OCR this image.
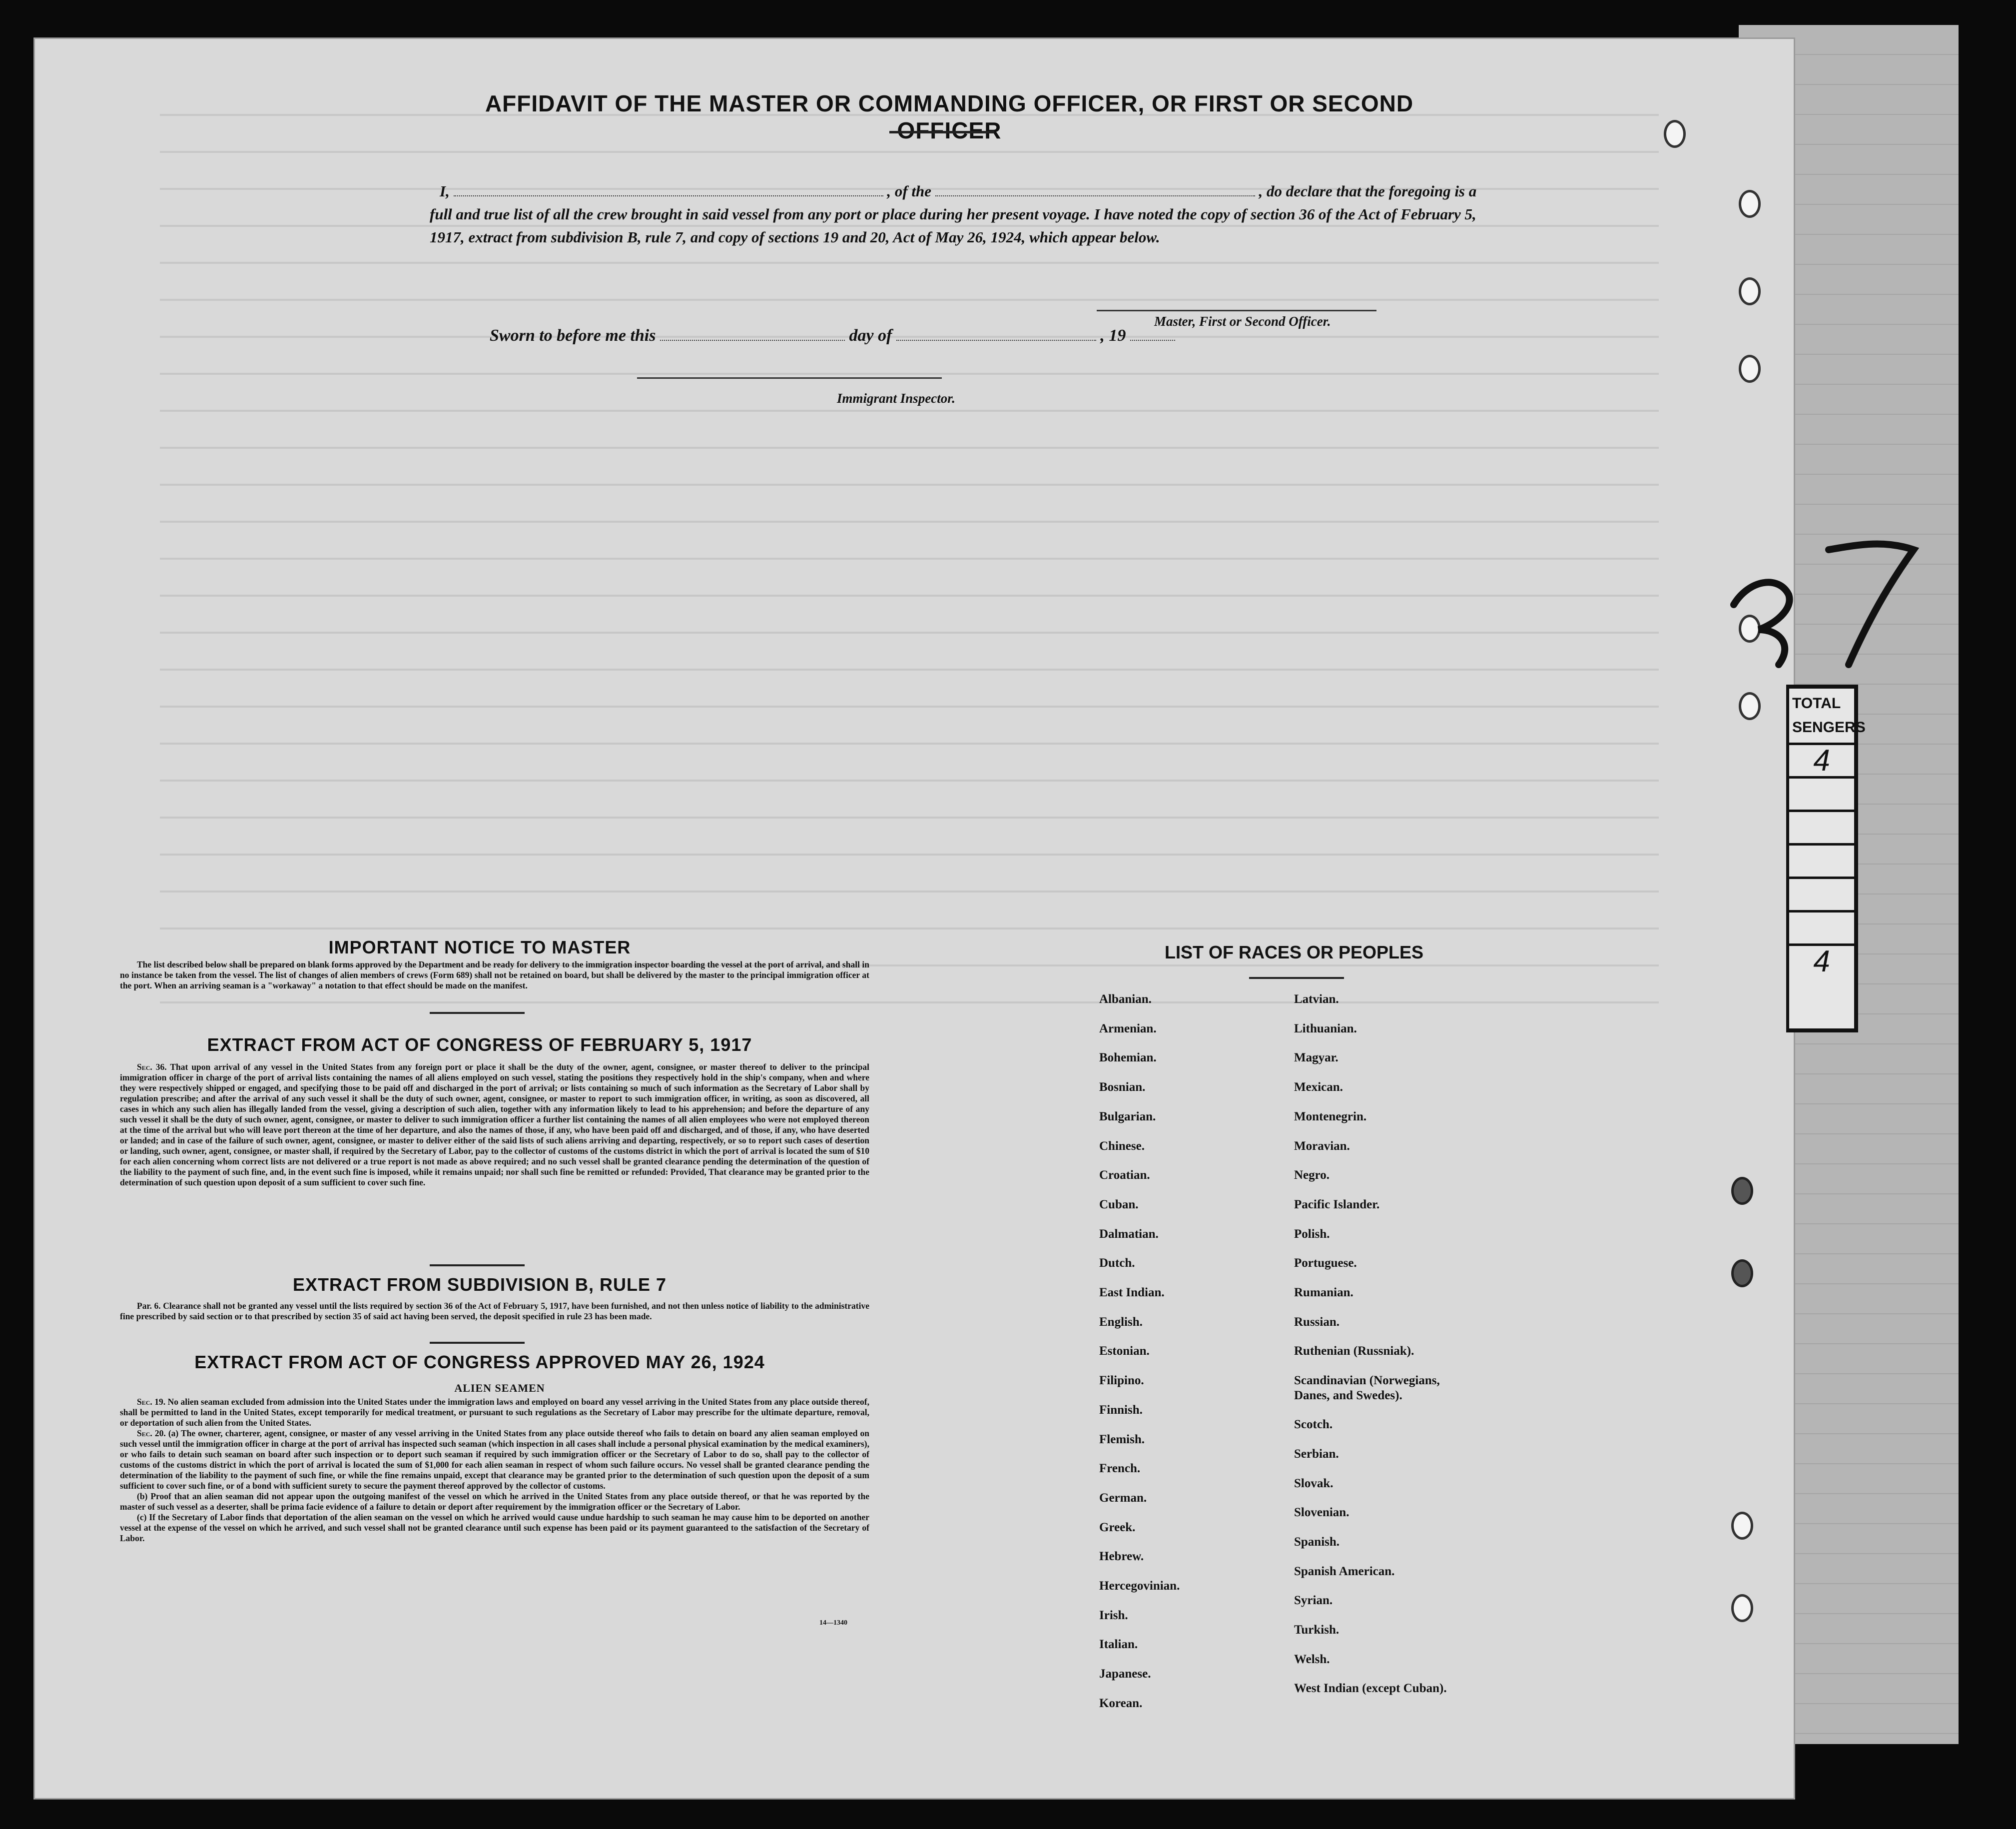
TOTAL
SENGERS
4
4
AFFIDAVIT OF THE MASTER OR COMMANDING OFFICER, OR FIRST OR SECOND OFFICER
I,	, of the	, do declare that the foregoing is a full and true list of all the crew brought in said vessel from any port or place during her present voyage. I have noted the copy of section 36 of the Act of February 5, 1917, extract from subdivision B, rule 7, and copy of sections 19 and 20, Act of May 26, 1924, which appear below.
Master, First or Second Officer.
Sworn to before me this	day of	, 19
Immigrant Inspector.
IMPORTANT NOTICE TO MASTER

The list described below shall be prepared on blank forms approved by the Department and be ready for delivery to the immigration inspector boarding the vessel at the port of arrival, and shall in no instance be taken from the vessel. The list of changes of alien members of crews (Form 689) shall not be retained on board, but shall be delivered by the master to the principal immigration officer at the port. When an arriving seaman is a "workaway" a notation to that effect should be made on the manifest.

EXTRACT FROM ACT OF CONGRESS OF FEBRUARY 5, 1917

Sec. 36. That upon arrival of any vessel in the United States from any foreign port or place it shall be the duty of the owner, agent, consignee, or master thereof to deliver to the principal immigration officer in charge of the port of arrival lists containing the names of all aliens employed on such vessel, stating the positions they respectively hold in the ship's company, when and where they were respectively shipped or engaged, and specifying those to be paid off and discharged in the port of arrival; or lists containing so much of such information as the Secretary of Labor shall by regulation prescribe; and after the arrival of any such vessel it shall be the duty of such owner, agent, consignee, or master to report to such immigration officer, in writing, as soon as discovered, all cases in which any such alien has illegally landed from the vessel, giving a description of such alien, together with any information likely to lead to his apprehension; and before the departure of any such vessel it shall be the duty of such owner, agent, consignee, or master to deliver to such immigration officer a further list containing the names of all alien employees who were not employed thereon at the time of the arrival but who will leave port thereon at the time of her departure, and also the names of those, if any, who have been paid off and discharged, and of those, if any, who have deserted or landed; and in case of the failure of such owner, agent, consignee, or master to deliver either of the said lists of such aliens arriving and departing, respectively, or so to report such cases of desertion or landing, such owner, agent, consignee, or master shall, if required by the Secretary of Labor, pay to the collector of customs of the customs district in which the port of arrival is located the sum of $10 for each alien concerning whom correct lists are not delivered or a true report is not made as above required; and no such vessel shall be granted clearance pending the determination of the question of the liability to the payment of such fine, and, in the event such fine is imposed, while it remains unpaid; nor shall such fine be remitted or refunded: Provided, That clearance may be granted prior to the determination of such question upon deposit of a sum sufficient to cover such fine.

EXTRACT FROM SUBDIVISION B, RULE 7

Par. 6. Clearance shall not be granted any vessel until the lists required by section 36 of the Act of February 5, 1917, have been furnished, and not then unless notice of liability to the administrative fine prescribed by said section or to that prescribed by section 35 of said act having been served, the deposit specified in rule 23 has been made.

EXTRACT FROM ACT OF CONGRESS APPROVED MAY 26, 1924
ALIEN SEAMEN

Sec. 19. No alien seaman excluded from admission into the United States under the immigration laws and employed on board any vessel arriving in the United States from any place outside thereof, shall be permitted to land in the United States, except temporarily for medical treatment, or pursuant to such regulations as the Secretary of Labor may prescribe for the ultimate departure, removal, or deportation of such alien from the United States.

Sec. 20. (a) The owner, charterer, agent, consignee, or master of any vessel arriving in the United States from any place outside thereof who fails to detain on board any alien seaman employed on such vessel until the immigration officer in charge at the port of arrival has inspected such seaman (which inspection in all cases shall include a personal physical examination by the medical examiners), or who fails to detain such seaman on board after such inspection or to deport such seaman if required by such immigration officer or the Secretary of Labor to do so, shall pay to the collector of customs of the customs district in which the port of arrival is located the sum of $1,000 for each alien seaman in respect of whom such failure occurs. No vessel shall be granted clearance pending the determination of the liability to the payment of such fine, or while the fine remains unpaid, except that clearance may be granted prior to the determination of such question upon the deposit of a sum sufficient to cover such fine, or of a bond with sufficient surety to secure the payment thereof approved by the collector of customs.

(b) Proof that an alien seaman did not appear upon the outgoing manifest of the vessel on which he arrived in the United States from any place outside thereof, or that he was reported by the master of such vessel as a deserter, shall be prima facie evidence of a failure to detain or deport after requirement by the immigration officer or the Secretary of Labor.

(c) If the Secretary of Labor finds that deportation of the alien seaman on the vessel on which he arrived would cause undue hardship to such seaman he may cause him to be deported on another vessel at the expense of the vessel on which he arrived, and such vessel shall not be granted clearance until such expense has been paid or its payment guaranteed to the satisfaction of the Secretary of Labor.

14—1340
LIST OF RACES OR PEOPLES
Albanian.
Armenian.
Bohemian.
Bosnian.
Bulgarian.
Chinese.
Croatian.
Cuban.
Dalmatian.
Dutch.
East Indian.
English.
Estonian.
Filipino.
Finnish.
Flemish.
French.
German.
Greek.
Hebrew.
Hercegovinian.
Irish.
Italian.
Japanese.
Korean.
Latvian.
Lithuanian.
Magyar.
Mexican.
Montenegrin.
Moravian.
Negro.
Pacific Islander.
Polish.
Portuguese.
Rumanian.
Russian.
Ruthenian (Russniak).
Scandinavian (Norwegians, Danes, and Swedes).
Scotch.
Serbian.
Slovak.
Slovenian.
Spanish.
Spanish American.
Syrian.
Turkish.
Welsh.
West Indian (except Cuban).
